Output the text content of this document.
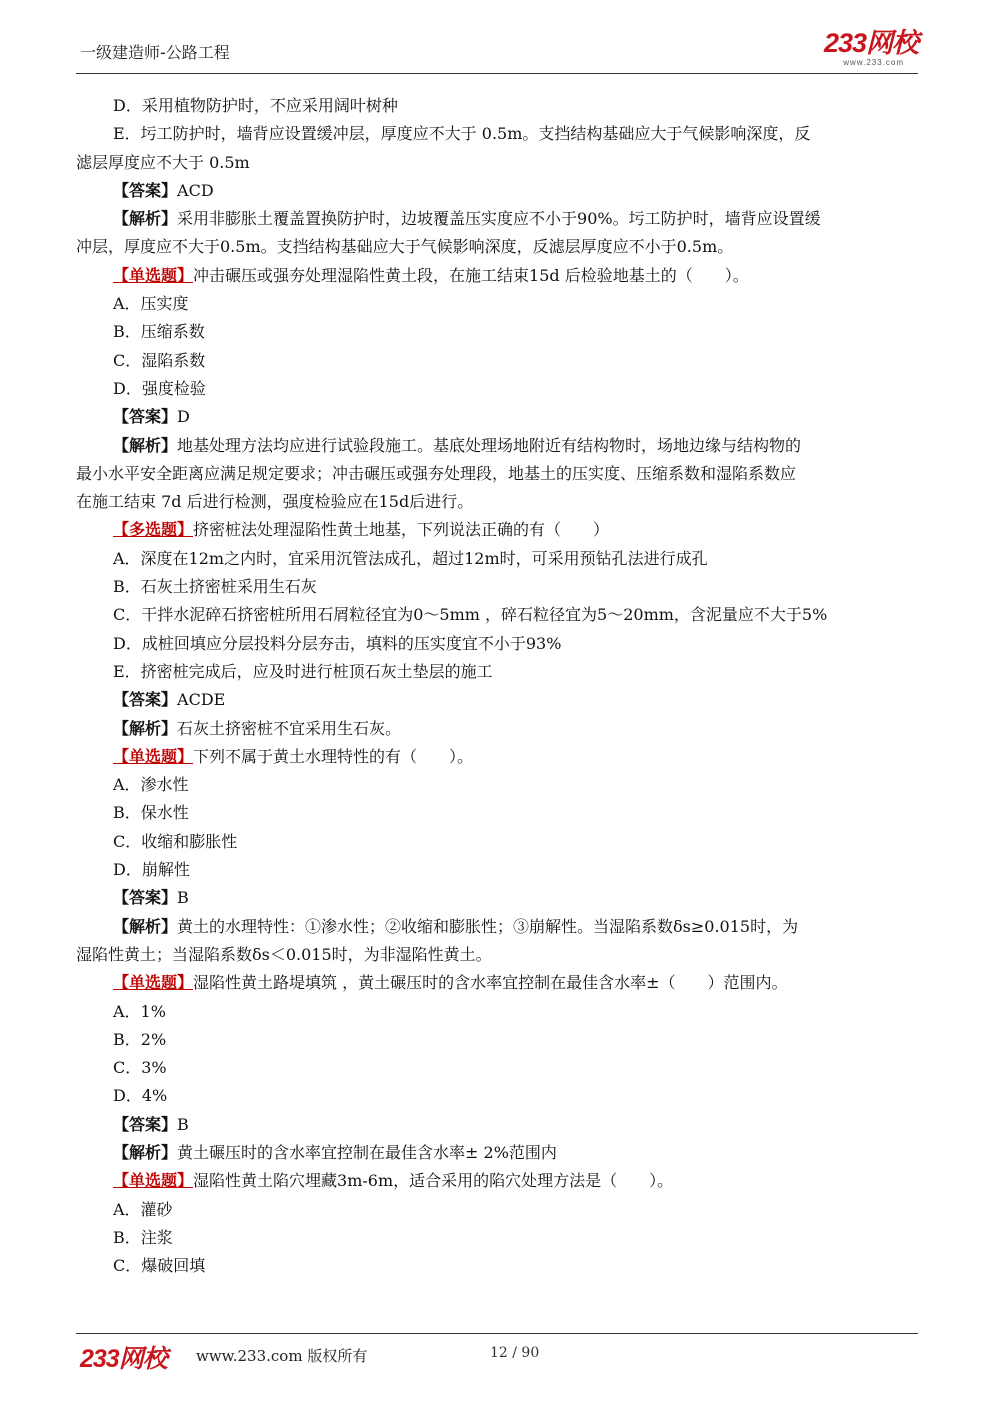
一级建造师-公路工程	233网校
www.233.com
D．采用植物防护时，不应采用阔叶树种
E．圬工防护时，墙背应设置缓冲层，厚度应不大于 0.5m。支挡结构基础应大于气候影响深度，反
滤层厚度应不大于 0.5m
【答案】ACD
【解析】采用非膨胀土覆盖置换防护时，边坡覆盖压实度应不小于90%。圬工防护时，墙背应设置缓
冲层，厚度应不大于0.5m。支挡结构基础应大于气候影响深度，反滤层厚度应不小于0.5m。
【单选题】冲击碾压或强夯处理湿陷性黄土段，在施工结束15d 后检验地基土的（　　）。
A．压实度
B．压缩系数
C．湿陷系数
D．强度检验
【答案】D
【解析】地基处理方法均应进行试验段施工。基底处理场地附近有结构物时，场地边缘与结构物的
最小水平安全距离应满足规定要求；冲击碾压或强夯处理段，地基土的压实度、压缩系数和湿陷系数应
在施工结束 7d 后进行检测，强度检验应在15d后进行。
【多选题】挤密桩法处理湿陷性黄土地基，下列说法正确的有（　　）
A．深度在12m之内时，宜采用沉管法成孔，超过12m时，可采用预钻孔法进行成孔
B．石灰土挤密桩采用生石灰
C．干拌水泥碎石挤密桩所用石屑粒径宜为0～5mm ，碎石粒径宜为5～20mm，含泥量应不大于5%
D．成桩回填应分层投料分层夯击，填料的压实度宜不小于93%
E．挤密桩完成后，应及时进行桩顶石灰土垫层的施工
【答案】ACDE
【解析】石灰土挤密桩不宜采用生石灰。
【单选题】下列不属于黄土水理特性的有（　　）。
A．渗水性
B．保水性
C．收缩和膨胀性
D．崩解性
【答案】B
【解析】黄土的水理特性：①渗水性；②收缩和膨胀性；③崩解性。当湿陷系数δs≥0.015时，为
湿陷性黄土；当湿陷系数δs＜0.015时，为非湿陷性黄土。
【单选题】湿陷性黄土路堤填筑 ，黄土碾压时的含水率宜控制在最佳含水率±（　　）范围内。
A．1%
B．2%
C．3%
D．4%
【答案】B
【解析】黄土碾压时的含水率宜控制在最佳含水率± 2%范围内
【单选题】湿陷性黄土陷穴埋藏3m-6m，适合采用的陷穴处理方法是（　　）。
A．灌砂
B．注浆
C．爆破回填
233网校 www.233.com 版权所有	12 / 90
